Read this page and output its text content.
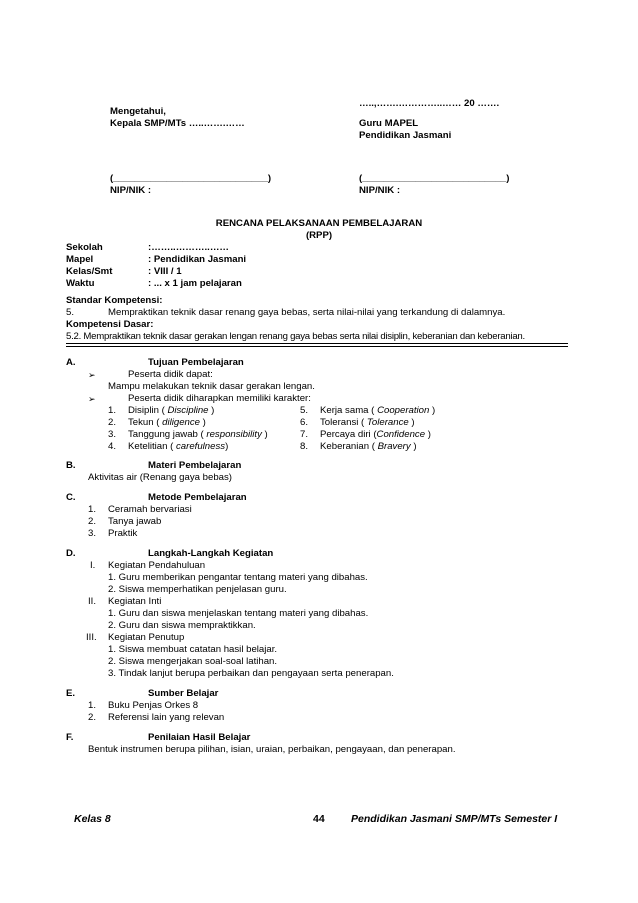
…..,…….…………..…… 20 …….
Mengetahui,
Kepala SMP/MTs …..…….……	Guru MAPEL
Pendidikan Jasmani
(_____________________________)	(___________________________)
NIP/NIK :	NIP/NIK :
RENCANA PELAKSANAAN PEMBELAJARAN
(RPP)
Sekolah	:……..………..……
Mapel	: Pendidikan Jasmani
Kelas/Smt	: VIII / 1
Waktu	: ... x 1 jam pelajaran
Standar Kompetensi:
5.	Mempraktikan teknik dasar renang gaya bebas, serta nilai-nilai yang terkandung di dalamnya.
Kompetensi Dasar:
5.2. Mempraktikan teknik dasar gerakan lengan renang gaya bebas serta nilai disiplin, keberanian dan keberanian.
A.	Tujuan Pembelajaran
➢	Peserta didik dapat:
Mampu melakukan teknik dasar gerakan lengan.
➢	Peserta didik diharapkan memiliki karakter:
1. Disiplin ( Discipline )	5. Kerja sama ( Cooperation )
2. Tekun ( diligence )	6. Toleransi ( Tolerance )
3. Tanggung jawab ( responsibility )	7. Percaya diri (Confidence )
4. Ketelitian ( carefulness)	8. Keberanian ( Bravery )
B.	Materi Pembelajaran
Aktivitas air (Renang gaya bebas)
C.	Metode Pembelajaran
1. Ceramah bervariasi
2. Tanya jawab
3. Praktik
D.	Langkah-Langkah Kegiatan
I. Kegiatan Pendahuluan
1. Guru memberikan pengantar tentang materi yang dibahas.
2. Siswa memperhatikan penjelasan guru.
II. Kegiatan Inti
1. Guru dan siswa menjelaskan tentang materi yang dibahas.
2. Guru dan siswa mempraktikkan.
III. Kegiatan Penutup
1. Siswa membuat catatan hasil belajar.
2. Siswa mengerjakan soal-soal latihan.
3. Tindak lanjut berupa perbaikan dan pengayaan serta penerapan.
E.	Sumber Belajar
1. Buku Penjas Orkes 8
2. Referensi lain yang relevan
F.	Penilaian Hasil Belajar
Bentuk instrumen berupa pilihan, isian, uraian, perbaikan, pengayaan, dan penerapan.
Kelas 8	44	Pendidikan Jasmani SMP/MTs Semester I
